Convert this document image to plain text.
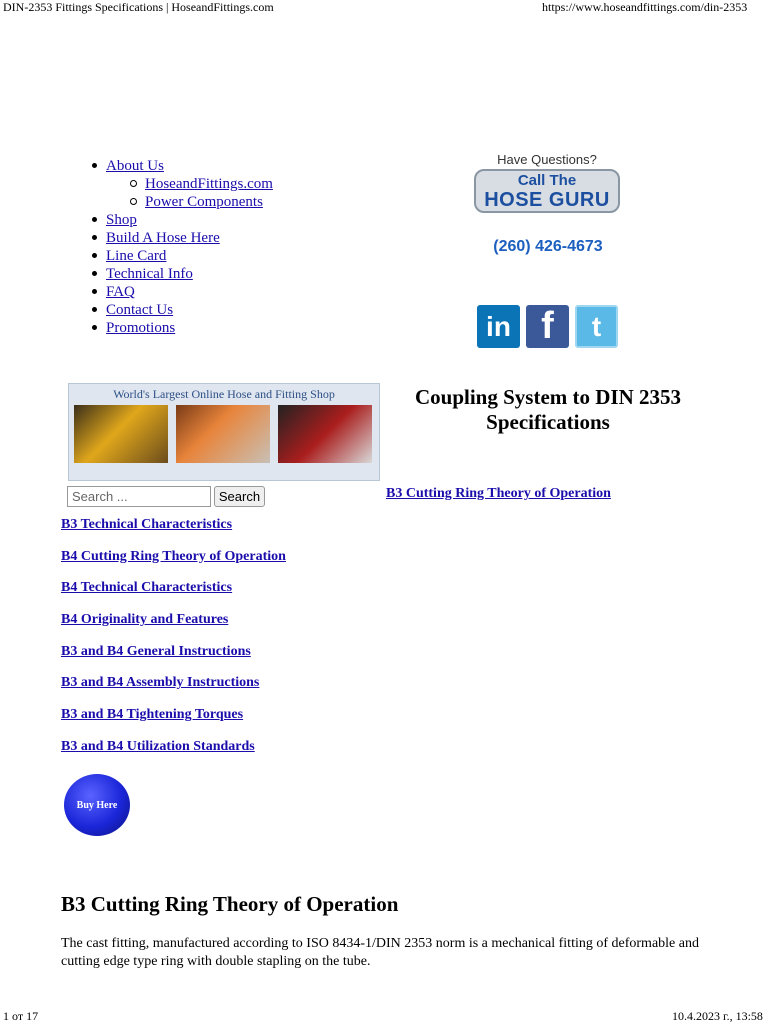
DIN-2353 Fittings Specifications | HoseandFittings.com	https://www.hoseandfittings.com/din-2353
About Us
HoseandFittings.com
Power Components
Shop
Build A Hose Here
Line Card
Technical Info
FAQ
Contact Us
Promotions
Have Questions?
Call The
HOSE GURU
(260) 426-4673
in f	t
World's Largest Online Hose and Fitting Shop
Search ...
Search
Coupling System to DIN 2353 Specifications
B3 Cutting Ring Theory of Operation
B3 Technical Characteristics
B4 Cutting Ring Theory of Operation
B4 Technical Characteristics
B4 Originality and Features
B3 and B4 General Instructions
B3 and B4 Assembly Instructions
B3 and B4 Tightening Torques
B3 and B4 Utilization Standards
Buy Here
B3 Cutting Ring Theory of Operation

The cast fitting, manufactured according to ISO 8434-1/DIN 2353 norm is a mechanical fitting of deformable and cutting edge type ring with double stapling on the tube.

1 от 17	10.4.2023 г., 13:58
